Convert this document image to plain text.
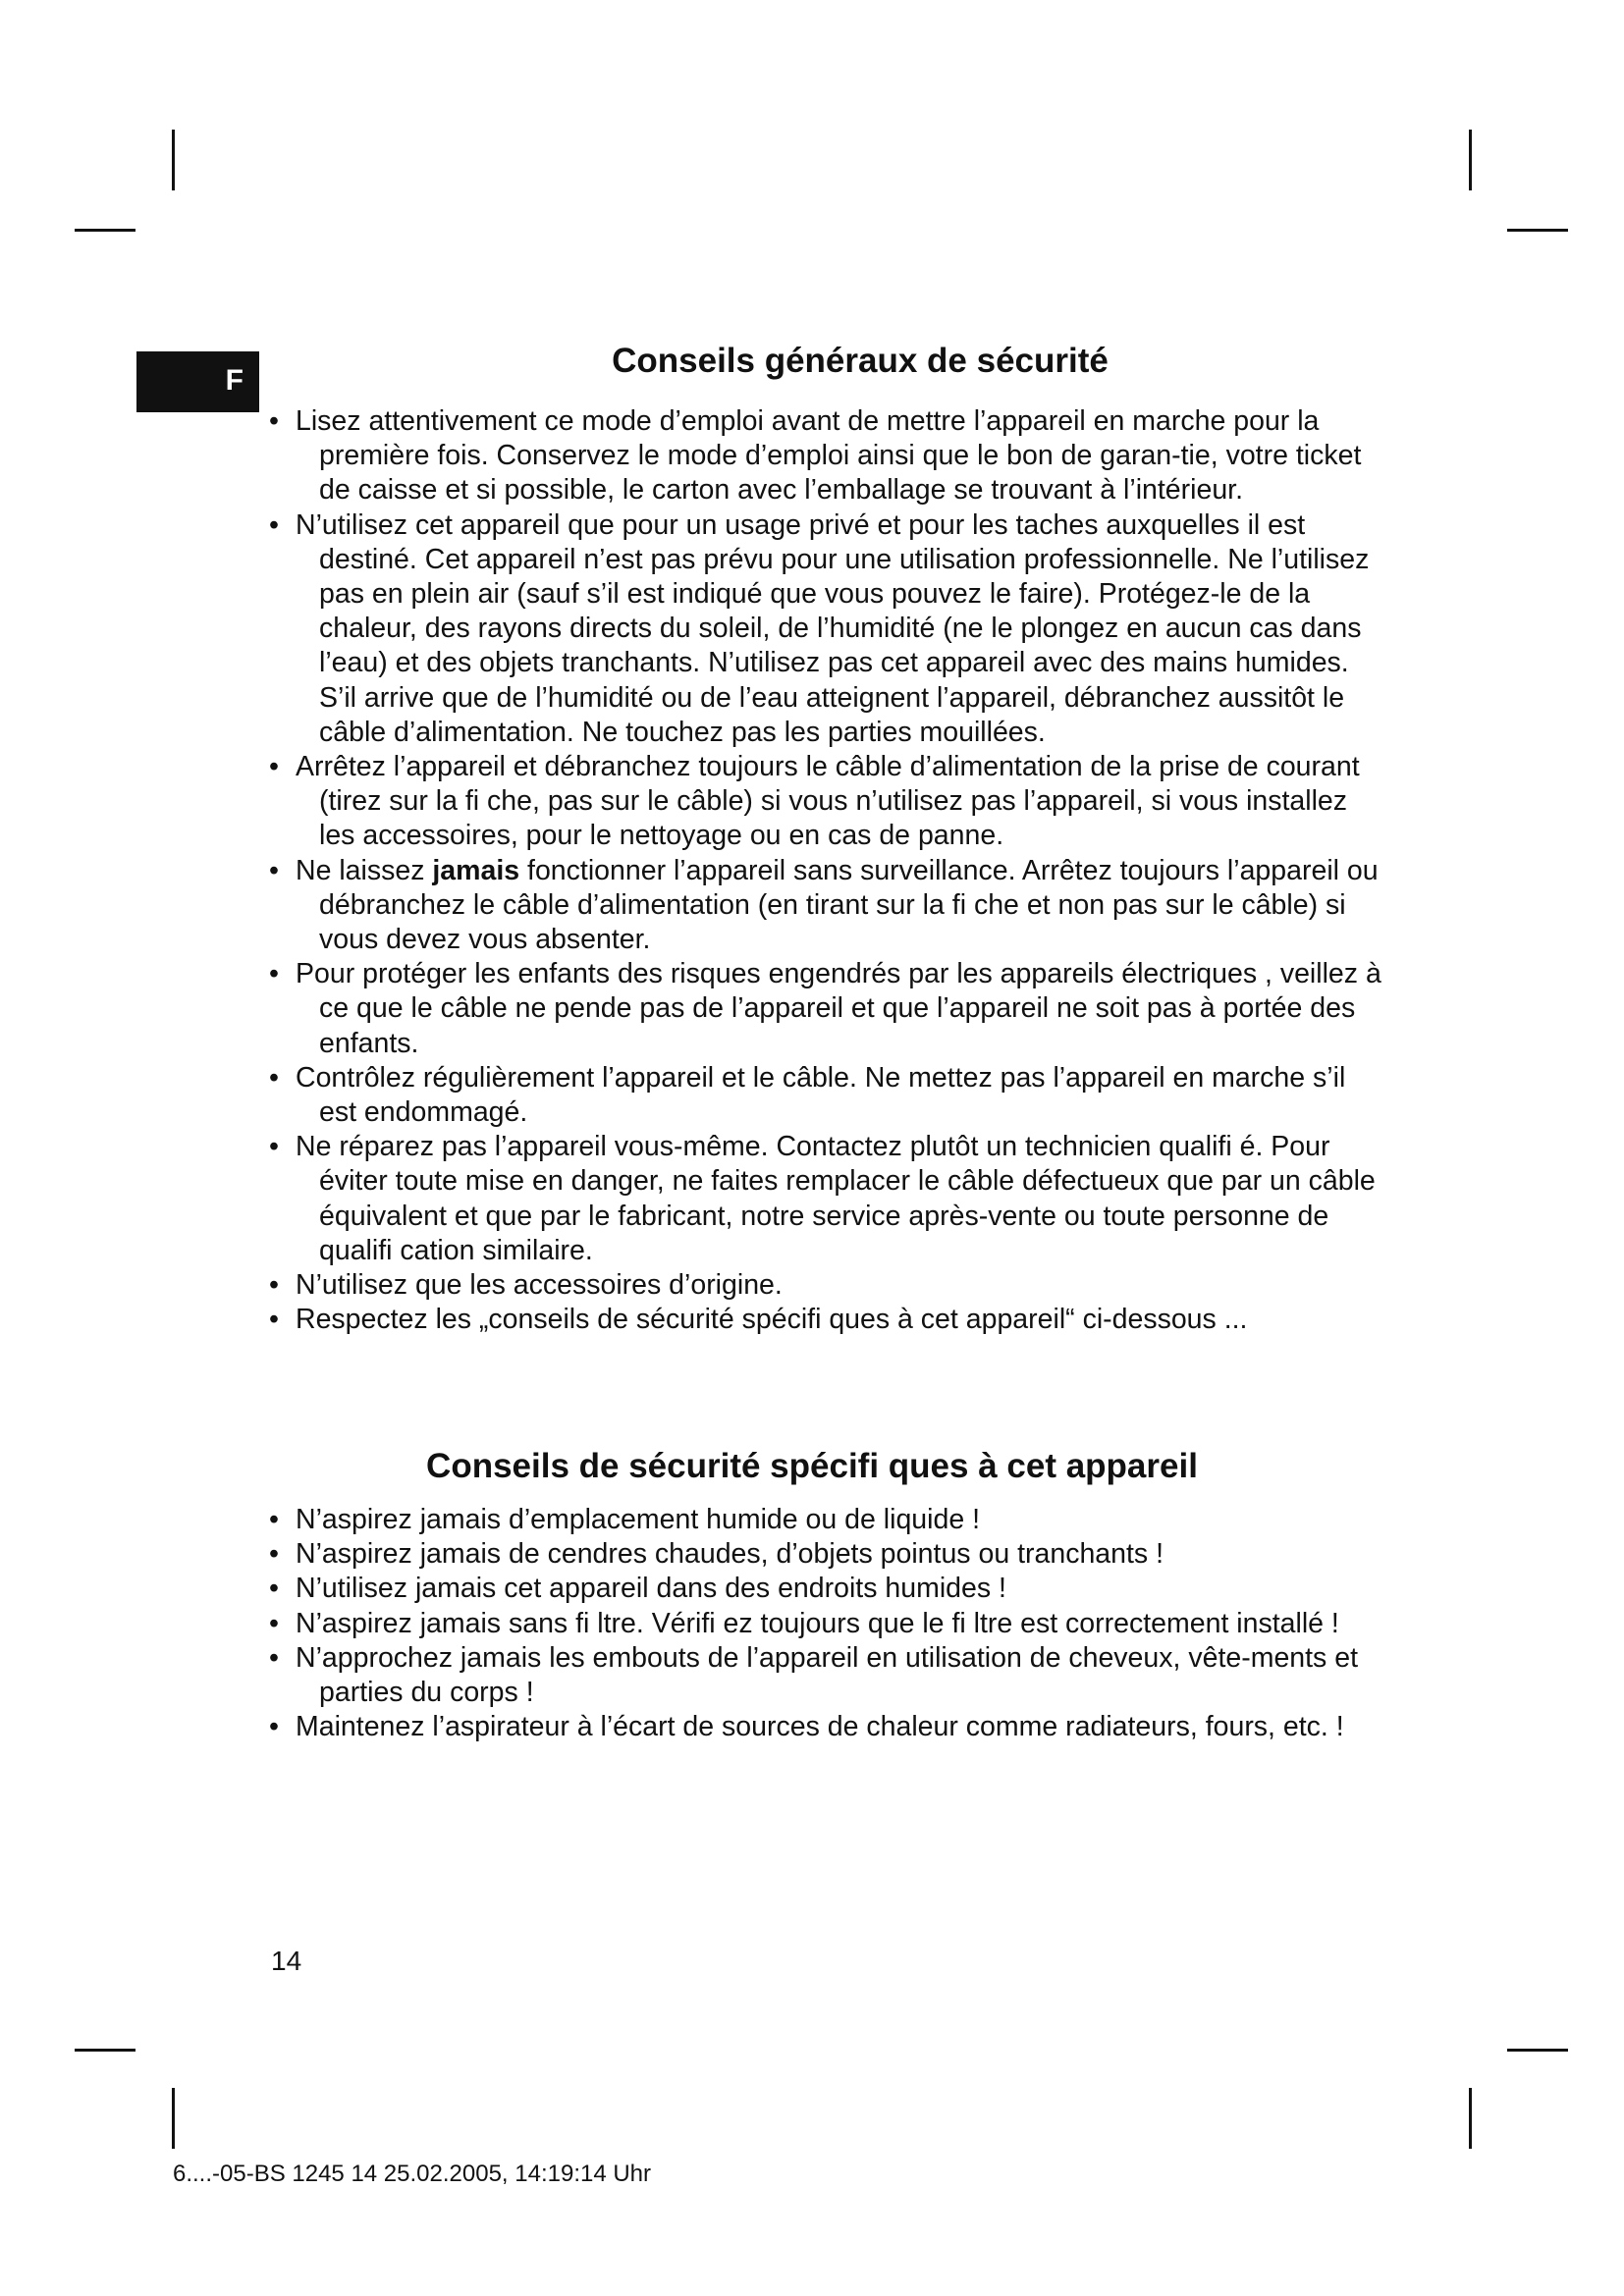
F
Conseils généraux de sécurité
• Lisez attentivement ce mode d’emploi avant de mettre l’appareil en marche pour la première fois. Conservez le mode d’emploi ainsi que le bon de garan-tie, votre ticket de caisse et si possible, le carton avec l’emballage se trouvant à l’intérieur.
• N’utilisez cet appareil que pour un usage privé et pour les taches auxquelles il est destiné. Cet appareil n’est pas prévu pour une utilisation professionnelle. Ne l’utilisez pas en plein air (sauf s’il est indiqué que vous pouvez le faire). Protégez-le de la chaleur, des rayons directs du soleil, de l’humidité (ne le plongez en aucun cas dans l’eau) et des objets tranchants. N’utilisez pas cet appareil avec des mains humides. S’il arrive que de l’humidité ou de l’eau atteignent l’appareil, débranchez aussitôt le câble d’alimentation. Ne touchez pas les parties mouillées.
• Arrêtez l’appareil et débranchez toujours le câble d’alimentation de la prise de courant (tirez sur la fi che, pas sur le câble) si vous n’utilisez pas l’appareil, si vous installez les accessoires, pour le nettoyage ou en cas de panne.
• Ne laissez jamais fonctionner l’appareil sans surveillance. Arrêtez toujours l’appareil ou débranchez le câble d’alimentation (en tirant sur la fi che et non pas sur le câble) si vous devez vous absenter.
• Pour protéger les enfants des risques engendrés par les appareils électriques , veillez à ce que le câble ne pende pas de l’appareil et que l’appareil ne soit pas à portée des enfants.
• Contrôlez régulièrement l’appareil et le câble. Ne mettez pas l’appareil en marche s’il est endommagé.
• Ne réparez pas l’appareil vous-même. Contactez plutôt un technicien qualifi é. Pour éviter toute mise en danger, ne faites remplacer le câble défectueux que par un câble équivalent et que par le fabricant, notre service après-vente ou toute personne de qualifi cation similaire.
• N’utilisez que les accessoires d’origine.
• Respectez les „conseils de sécurité spécifi ques à cet appareil“ ci-dessous ...
Conseils de sécurité spécifi ques à cet appareil
• N’aspirez jamais d’emplacement humide ou de liquide !
• N’aspirez jamais de cendres chaudes, d’objets pointus ou tranchants !
• N’utilisez jamais cet appareil dans des endroits humides !
• N’aspirez jamais sans fi ltre. Vérifi ez toujours que le fi ltre est correctement installé !
• N’approchez jamais les embouts de l’appareil en utilisation de cheveux, vête-ments et parties du corps !
• Maintenez l’aspirateur à l’écart de sources de chaleur comme radiateurs, fours, etc. !
14
6....-05-BS 1245 14 25.02.2005, 14:19:14 Uhr
